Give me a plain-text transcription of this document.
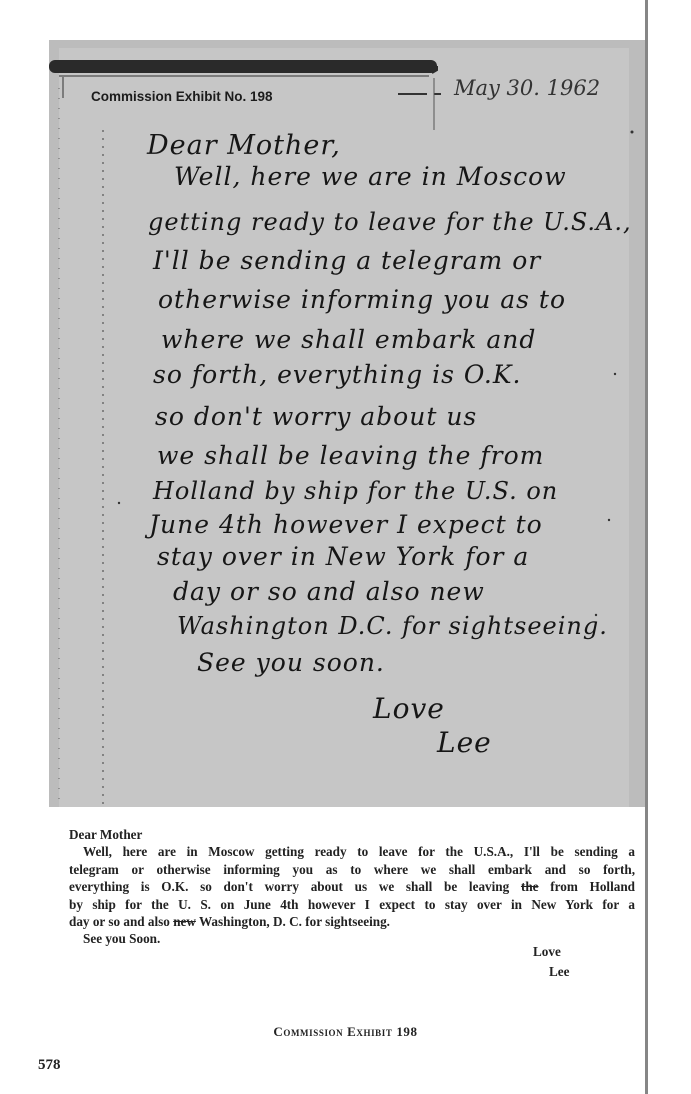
Commission Exhibit No. 198	May 30. 1962
Dear Mother,
Well, here we are in Moscow
getting ready to leave for the U.S.A.,
I'll be sending a telegram or
otherwise informing you as to
where we shall embark and
so forth, everything is O.K.
so don't worry about us
we shall be leaving the from
Holland by ship for the U.S. on
June 4th however I expect to
stay over in New York for a
day or so and also new
Washington D.C. for sightseeing.
See you soon.
Love
Lee
Dear Mother
Well, here are in Moscow getting ready to leave for the U.S.A., I'll be sending a
telegram or otherwise informing you as to where we shall embark and so forth,
everything is O.K. so don't worry about us we shall be leaving the from Holland
by ship for the U. S. on June 4th however I expect to stay over in New York for a
day or so and also new Washington, D. C. for sightseeing.
See you Soon.
Love
Lee
Commission Exhibit 198
578
